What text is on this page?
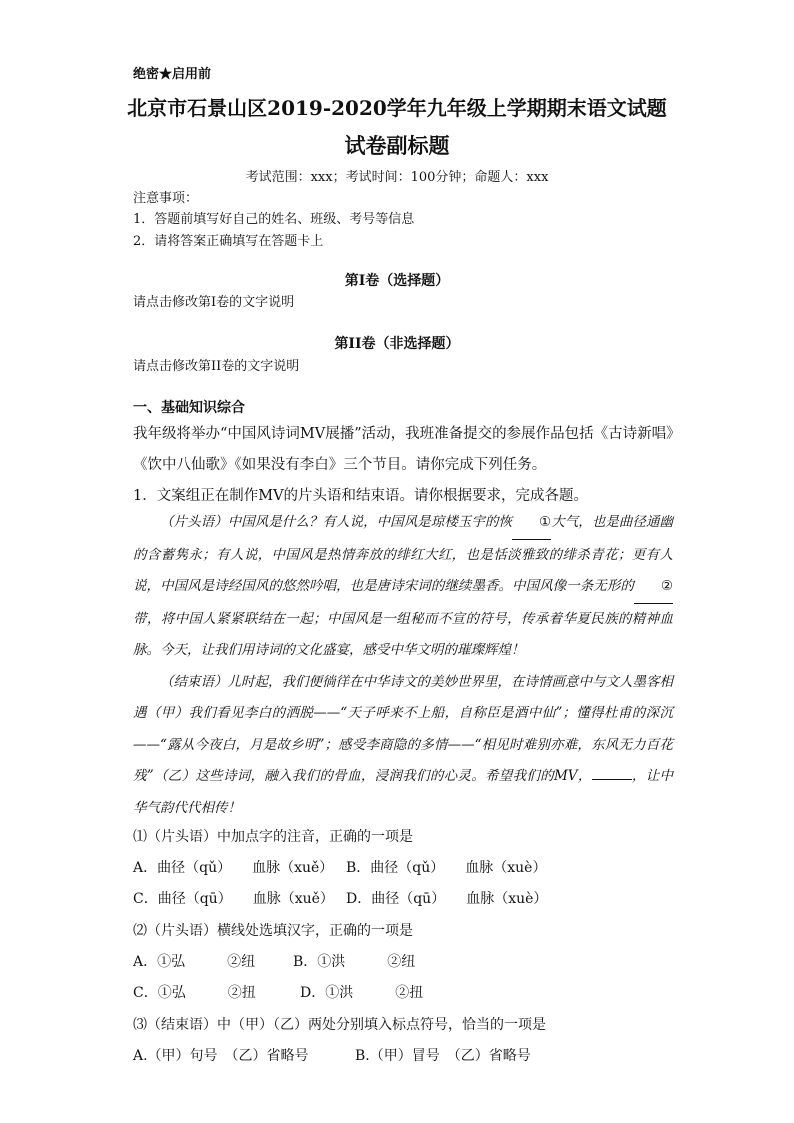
绝密★启用前
北京市石景山区2019-2020学年九年级上学期期末语文试题
试卷副标题
考试范围：xxx；考试时间：100分钟；命题人：xxx
注意事项：
1．答题前填写好自己的姓名、班级、考号等信息
2．请将答案正确填写在答题卡上
第I卷（选择题）
请点击修改第I卷的文字说明
第II卷（非选择题）
请点击修改第II卷的文字说明
一、基础知识综合
我年级将举办“中国风诗词MV展播”活动，我班准备提交的参展作品包括《古诗新唱》
《饮中八仙歌》《如果没有李白》三个节目。请你完成下列任务。
1．文案组正在制作MV的片头语和结束语。请你根据要求，完成各题。

（片头语）中国风是什么？有人说，中国风是琼楼玉宇的恢 ①大气，也是曲径通幽的含蓄隽永；有人说，中国风是热情奔放的绯红大红，也是恬淡雅致的绯杀青花；更有人说，中国风是诗经国风的悠然吟唱，也是唐诗宋词的继续墨香。中国风像一条无形的 ②带，将中国人紧紧联结在一起；中国风是一组秘而不宣的符号，传承着华夏民族的精神血脉。今天，让我们用诗词的文化盛宴，感受中华文明的璀璨辉煌！

（结束语）儿时起，我们便徜徉在中华诗文的美妙世界里，在诗情画意中与文人墨客相遇（甲）我们看见李白的洒脱——“天子呼来不上船，自称臣是酒中仙”；懂得杜甫的深沉——“露从今夜白，月是故乡明”；感受李商隐的多情——“相见时难别亦难，东风无力百花残”（乙）这些诗词，融入我们的骨血，浸润我们的心灵。希望我们的MV，	，让中华气韵代代相传！

⑴（片头语）中加点字的注音，正确的一项是
A．曲径（qǔ）　　血脉（xuě） B．曲径（qǔ）　　血脉（xuè）
C．曲径（qū）　　血脉（xuě） D．曲径（qū）　　血脉（xuè）
⑵（片头语）横线处选填汉字，正确的一项是
A．①弘　　　②纽	B．①洪　　　②纽
C．①弘　　　②扭	D．①洪　　　②扭
⑶（结束语）中（甲）（乙）两处分别填入标点符号，恰当的一项是
A.（甲）句号　（乙）省略号	B.（甲）冒号　（乙）省略号
